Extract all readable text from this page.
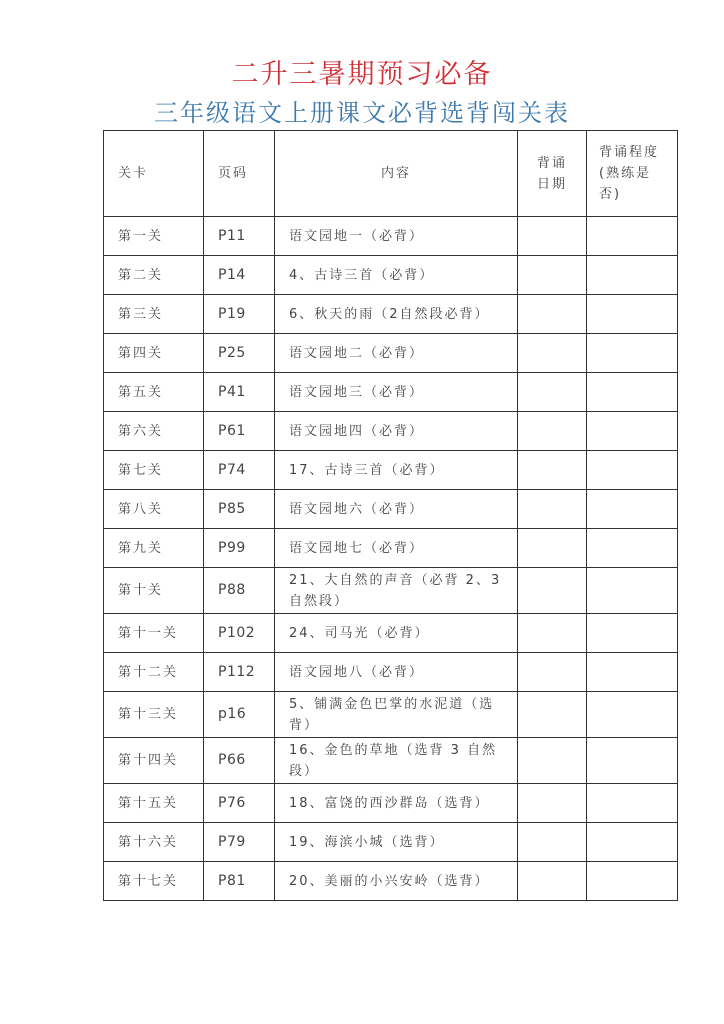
二升三暑期预习必备
三年级语文上册课文必背选背闯关表
关卡	页码	内容	背诵日期	背诵程度(熟练是否)
第一关	P11	语文园地一（必背）		
第二关	P14	4、古诗三首（必背）		
第三关	P19	6、秋天的雨（2自然段必背）		
第四关	P25	语文园地二（必背）		
第五关	P41	语文园地三（必背）		
第六关	P61	语文园地四（必背）		
第七关	P74	17、古诗三首（必背）		
第八关	P85	语文园地六（必背）		
第九关	P99	语文园地七（必背）		
第十关	P88	21、大自然的声音（必背 2、3 自然段）		
第十一关	P102	24、司马光（必背）		
第十二关	P112	语文园地八（必背）		
第十三关	p16	5、铺满金色巴掌的水泥道（选背）		
第十四关	P66	16、金色的草地（选背 3 自然段）		
第十五关	P76	18、富饶的西沙群岛（选背）		
第十六关	P79	19、海滨小城（选背）		
第十七关	P81	20、美丽的小兴安岭（选背）		
